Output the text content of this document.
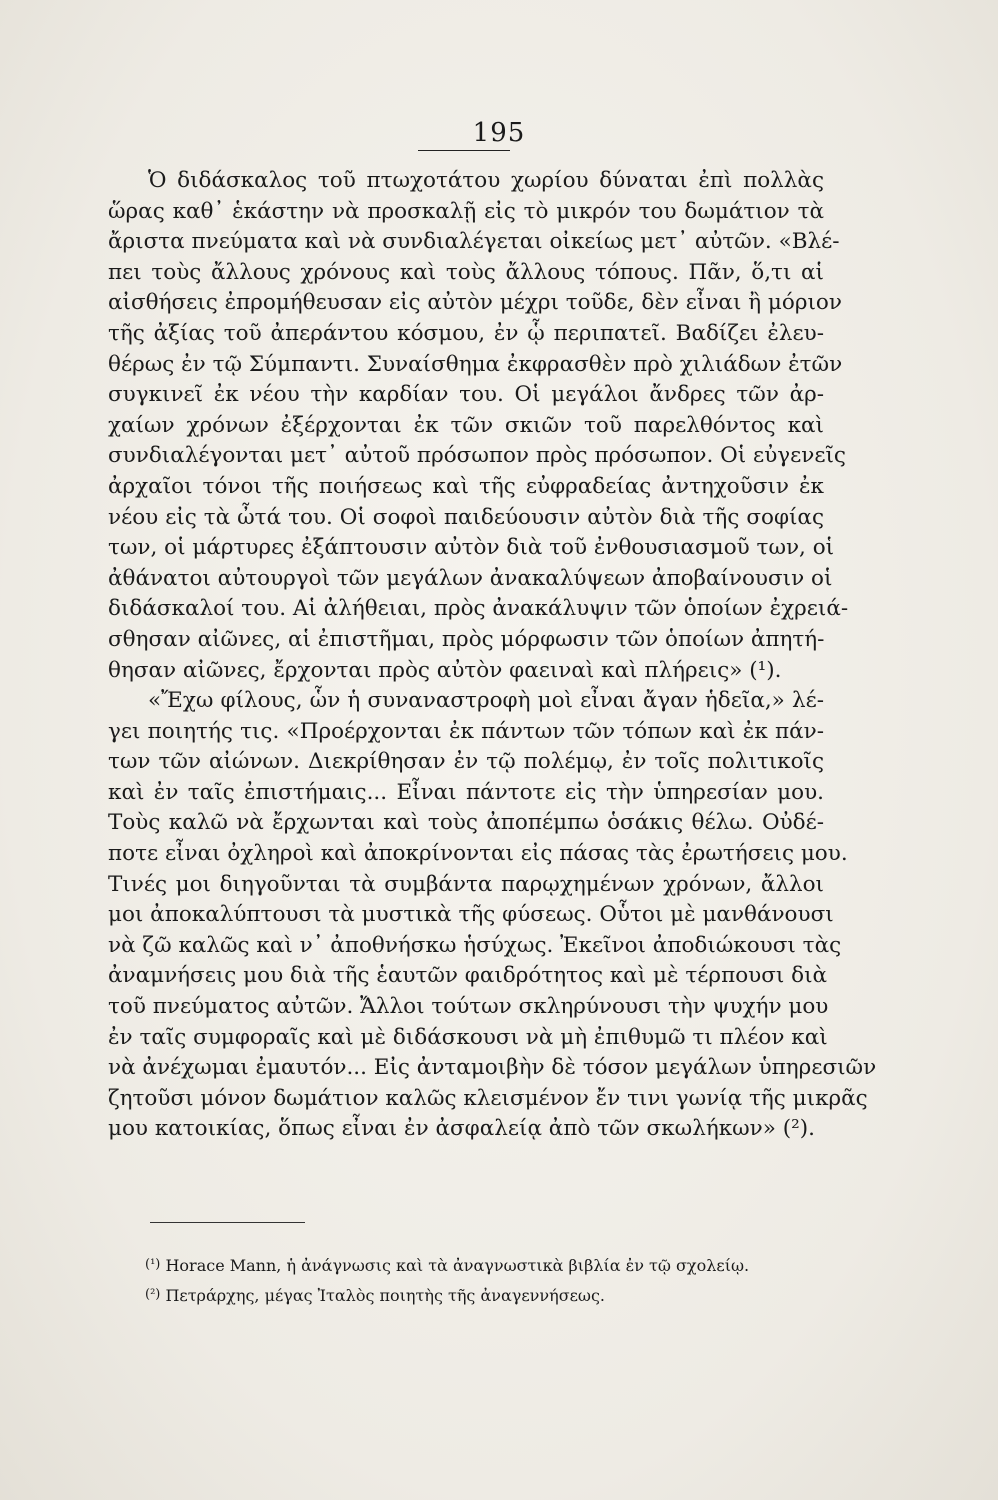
195
Ὁ διδάσκαλος τοῦ πτωχοτάτου χωρίου δύναται ἐπὶ πολλὰς
ὥρας καθ᾿ ἑκάστην νὰ προσκαλῇ εἰς τὸ μικρόν του δωμάτιον τὰ
ἄριστα πνεύματα καὶ νὰ συνδιαλέγεται οἰκείως μετ᾿ αὐτῶν. «Βλέ-
πει τοὺς ἄλλους χρόνους καὶ τοὺς ἄλλους τόπους. Πᾶν, ὅ,τι αἱ
αἰσθήσεις ἐπρομήθευσαν εἰς αὐτὸν μέχρι τοῦδε, δὲν εἶναι ἢ μόριον
τῆς ἀξίας τοῦ ἀπεράντου κόσμου, ἐν ᾧ περιπατεῖ. Βαδίζει ἐλευ-
θέρως ἐν τῷ Σύμπαντι. Συναίσθημα ἐκφρασθὲν πρὸ χιλιάδων ἐτῶν
συγκινεῖ ἐκ νέου τὴν καρδίαν του. Οἱ μεγάλοι ἄνδρες τῶν ἀρ-
χαίων χρόνων ἐξέρχονται ἐκ τῶν σκιῶν τοῦ παρελθόντος καὶ
συνδιαλέγονται μετ᾿ αὐτοῦ πρόσωπον πρὸς πρόσωπον. Οἱ εὐγενεῖς
ἀρχαῖοι τόνοι τῆς ποιήσεως καὶ τῆς εὐφραδείας ἀντηχοῦσιν ἐκ
νέου εἰς τὰ ὦτά του. Οἱ σοφοὶ παιδεύουσιν αὐτὸν διὰ τῆς σοφίας
των, οἱ μάρτυρες ἐξάπτουσιν αὐτὸν διὰ τοῦ ἐνθουσιασμοῦ των, οἱ
ἀθάνατοι αὐτουργοὶ τῶν μεγάλων ἀνακαλύψεων ἀποβαίνουσιν οἱ
διδάσκαλοί του. Αἱ ἀλήθειαι, πρὸς ἀνακάλυψιν τῶν ὁποίων ἐχρειά-
σθησαν αἰῶνες, αἱ ἐπιστῆμαι, πρὸς μόρφωσιν τῶν ὁποίων ἀπητή-
θησαν αἰῶνες, ἔρχονται πρὸς αὐτὸν φαειναὶ καὶ πλήρεις» (¹).
«Ἔχω φίλους, ὧν ἡ συναναστροφὴ μοὶ εἶναι ἄγαν ἡδεῖα,» λέ-
γει ποιητής τις. «Προέρχονται ἐκ πάντων τῶν τόπων καὶ ἐκ πάν-
των τῶν αἰώνων. Διεκρίθησαν ἐν τῷ πολέμῳ, ἐν τοῖς πολιτικοῖς
καὶ ἐν ταῖς ἐπιστήμαις... Εἶναι πάντοτε εἰς τὴν ὑπηρεσίαν μου.
Τοὺς καλῶ νὰ ἔρχωνται καὶ τοὺς ἀποπέμπω ὁσάκις θέλω. Οὐδέ-
ποτε εἶναι ὀχληροὶ καὶ ἀποκρίνονται εἰς πάσας τὰς ἐρωτήσεις μου.
Τινές μοι διηγοῦνται τὰ συμβάντα παρῳχημένων χρόνων, ἄλλοι
μοι ἀποκαλύπτουσι τὰ μυστικὰ τῆς φύσεως. Οὗτοι μὲ μανθάνουσι
νὰ ζῶ καλῶς καὶ ν᾿ ἀποθνήσκω ἡσύχως. Ἐκεῖνοι ἀποδιώκουσι τὰς
ἀναμνήσεις μου διὰ τῆς ἑαυτῶν φαιδρότητος καὶ μὲ τέρπουσι διὰ
τοῦ πνεύματος αὐτῶν. Ἄλλοι τούτων σκληρύνουσι τὴν ψυχήν μου
ἐν ταῖς συμφοραῖς καὶ μὲ διδάσκουσι νὰ μὴ ἐπιθυμῶ τι πλέον καὶ
νὰ ἀνέχωμαι ἐμαυτόν... Εἰς ἀνταμοιβὴν δὲ τόσον μεγάλων ὑπηρεσιῶν
ζητοῦσι μόνον δωμάτιον καλῶς κλεισμένον ἔν τινι γωνίᾳ τῆς μικρᾶς
μου κατοικίας, ὅπως εἶναι ἐν ἀσφαλείᾳ ἀπὸ τῶν σκωλήκων» (²).
(¹) Horace Mann, ἡ ἀνάγνωσις καὶ τὰ ἀναγνωστικὰ βιβλία ἐν τῷ σχολείῳ.
(²) Πετράρχης, μέγας Ἰταλὸς ποιητὴς τῆς ἀναγεννήσεως.
